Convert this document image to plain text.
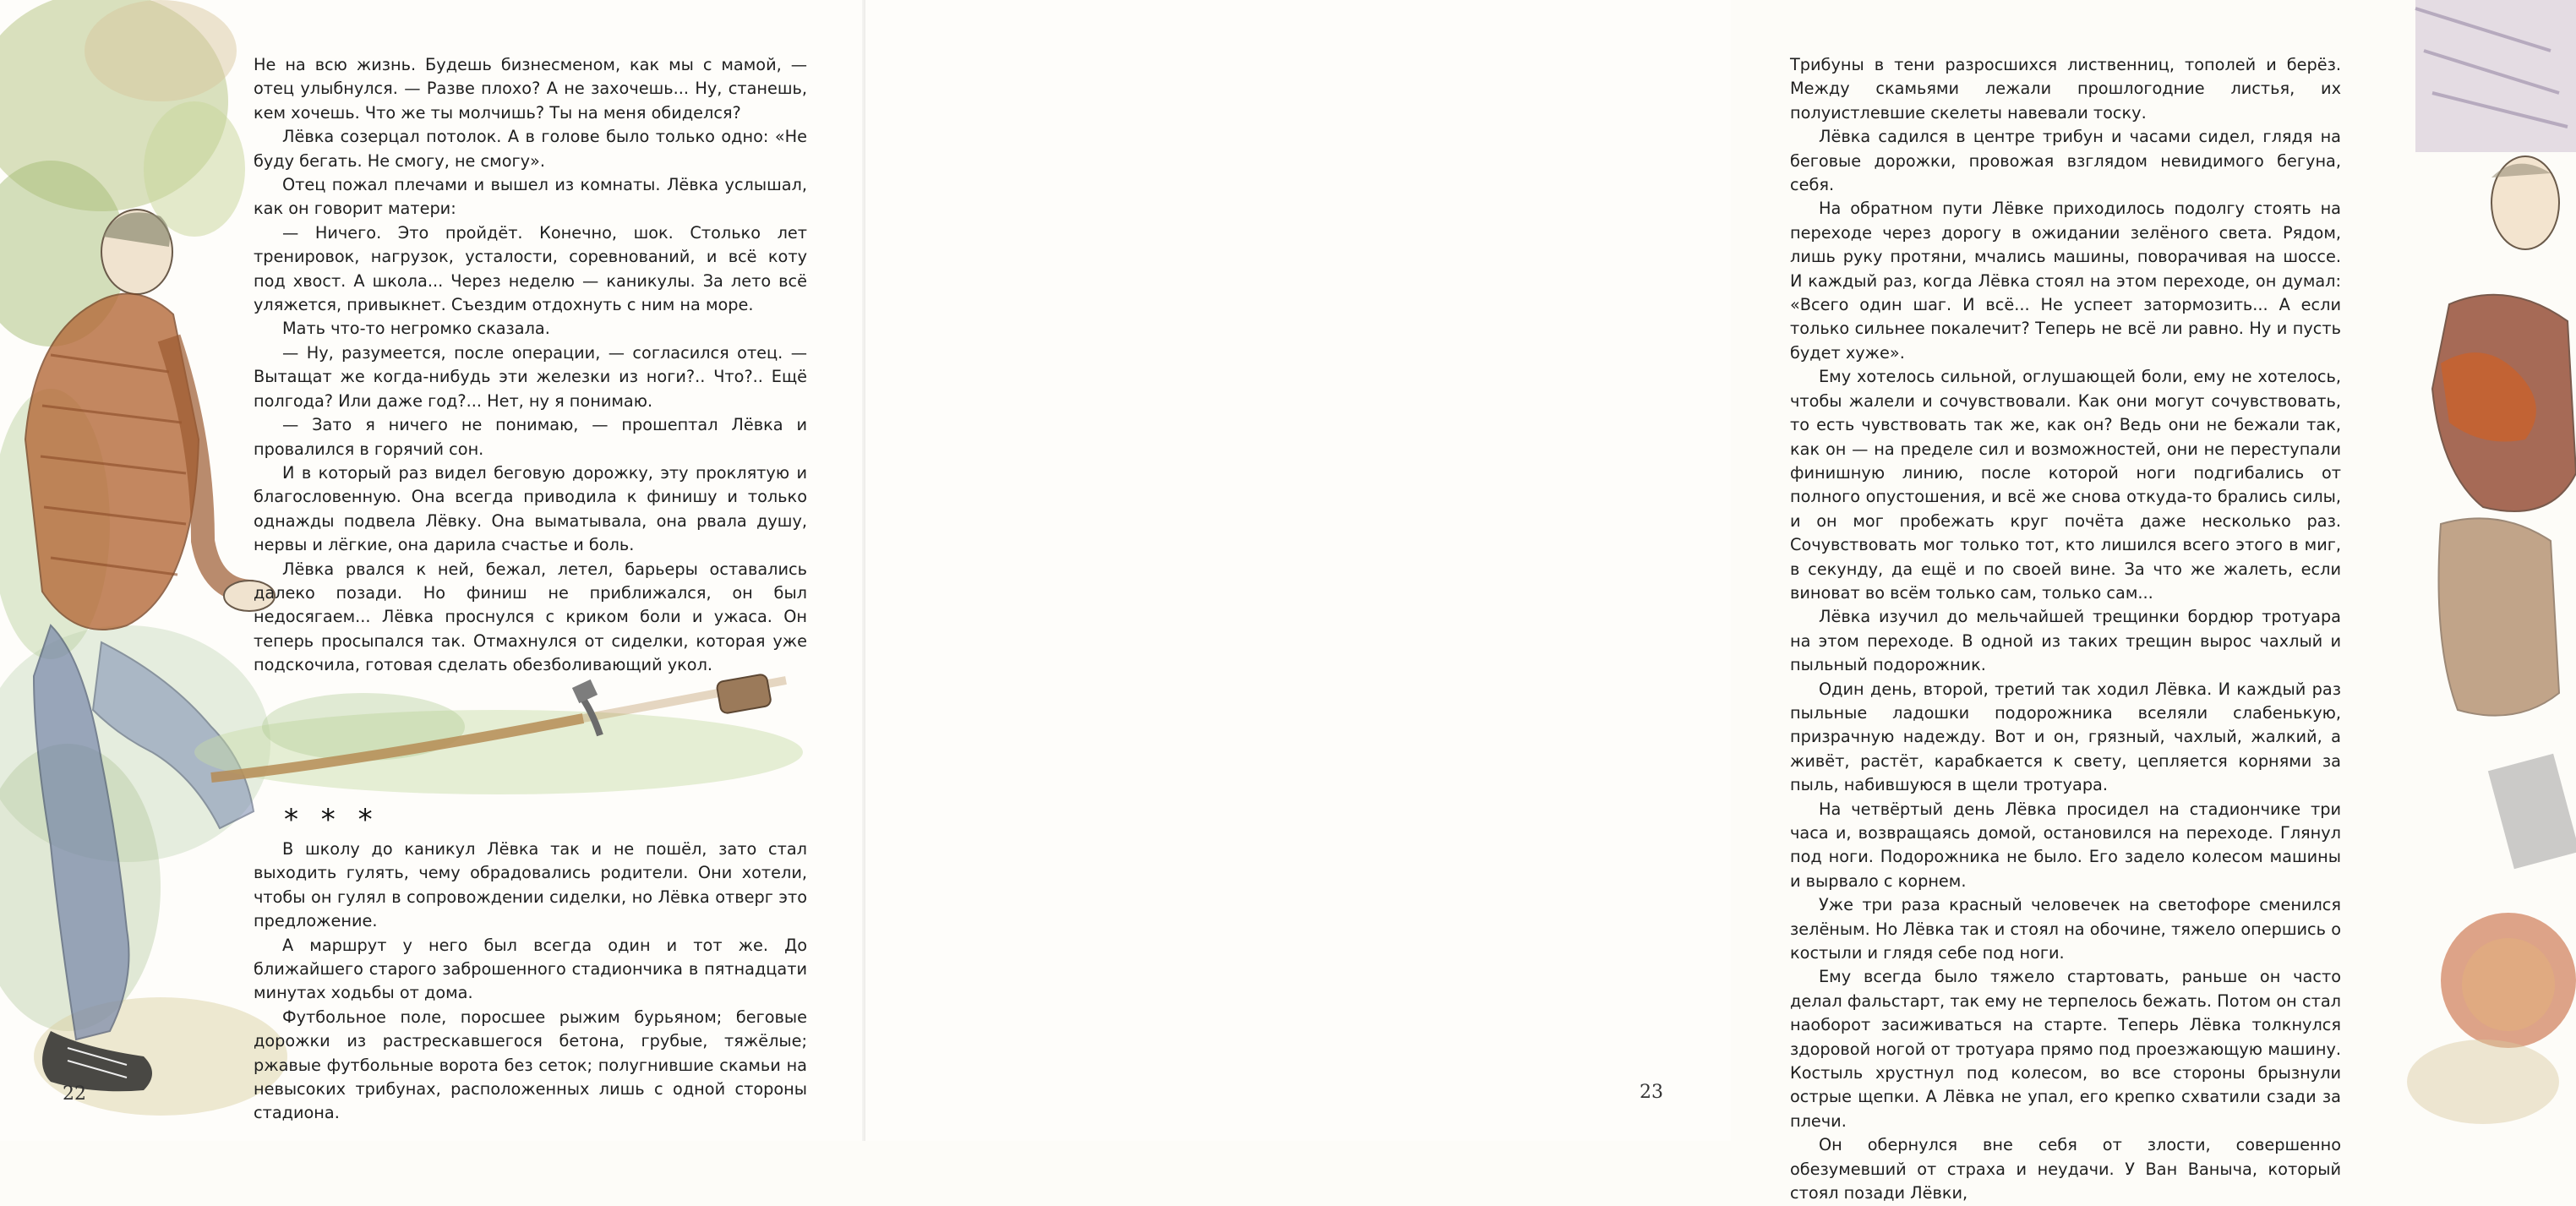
Не на всю жизнь. Будешь бизнесменом, как мы с мамой, — отец улыбнулся. — Разве плохо? А не захочешь... Ну, станешь, кем хочешь. Что же ты молчишь? Ты на меня обиделся?

Лёвка созерцал потолок. А в голове было только одно: «Не буду бегать. Не смогу, не смогу».

Отец пожал плечами и вышел из комнаты. Лёвка услышал, как он говорит матери:

— Ничего. Это пройдёт. Конечно, шок. Столько лет тренировок, нагрузок, усталости, соревнований, и всё коту под хвост. А школа... Через неделю — каникулы. За лето всё уляжется, привыкнет. Съездим отдохнуть с ним на море.

Мать что-то негромко сказала.

— Ну, разумеется, после операции, — согласился отец. — Вытащат же когда-нибудь эти железки из ноги?.. Что?.. Ещё полгода? Или даже год?... Нет, ну я понимаю.

— Зато я ничего не понимаю, — прошептал Лёвка и провалился в горячий сон.

И в который раз видел беговую дорожку, эту проклятую и благословенную. Она всегда приводила к финишу и только однажды подвела Лёвку. Она выматывала, она рвала душу, нервы и лёгкие, она дарила счастье и боль.

Лёвка рвался к ней, бежал, летел, барьеры оставались далеко позади. Но финиш не приближался, он был недосягаем... Лёвка проснулся с криком боли и ужаса. Он теперь просыпался так. Отмахнулся от сиделки, которая уже подскочила, готовая сделать обезболивающий укол.

* * *

В школу до каникул Лёвка так и не пошёл, зато стал выходить гулять, чему обрадовались родители. Они хотели, чтобы он гулял в сопровождении сиделки, но Лёвка отверг это предложение.

А маршрут у него был всегда один и тот же. До ближайшего старого заброшенного стадиончика в пятнадцати минутах ходьбы от дома.

Футбольное поле, поросшее рыжим бурьяном; беговые дорожки из растрескавшегося бетона, грубые, тяжёлые; ржавые футбольные ворота без сеток; полугнившие скамьи на невысоких трибунах, расположенных лишь с одной стороны стадиона.

22

Трибуны в тени разросшихся лиственниц, тополей и берёз. Между скамьями лежали прошлогодние листья, их полуистлевшие скелеты навевали тоску.

Лёвка садился в центре трибун и часами сидел, глядя на беговые дорожки, провожая взглядом невидимого бегуна, себя.

На обратном пути Лёвке приходилось подолгу стоять на переходе через дорогу в ожидании зелёного света. Рядом, лишь руку протяни, мчались машины, поворачивая на шоссе. И каждый раз, когда Лёвка стоял на этом переходе, он думал: «Всего один шаг. И всё... Не успеет затормозить... А если только сильнее покалечит? Теперь не всё ли равно. Ну и пусть будет хуже».

Ему хотелось сильной, оглушающей боли, ему не хотелось, чтобы жалели и сочувствовали. Как они могут сочувствовать, то есть чувствовать так же, как он? Ведь они не бежали так, как он — на пределе сил и возможностей, они не переступали финишную линию, после которой ноги подгибались от полного опустошения, и всё же снова откуда-то брались силы, и он мог пробежать круг почёта даже несколько раз. Сочувствовать мог только тот, кто лишился всего этого в миг, в секунду, да ещё и по своей вине. За что же жалеть, если виноват во всём только сам, только сам...

Лёвка изучил до мельчайшей трещинки бордюр тротуара на этом переходе. В одной из таких трещин вырос чахлый и пыльный подорожник.

Один день, второй, третий так ходил Лёвка. И каждый раз пыльные ладошки подорожника вселяли слабенькую, призрачную надежду. Вот и он, грязный, чахлый, жалкий, а живёт, растёт, карабкается к свету, цепляется корнями за пыль, набившуюся в щели тротуара.

На четвёртый день Лёвка просидел на стадиончике три часа и, возвращаясь домой, остановился на переходе. Глянул под ноги. Подорожника не было. Его задело колесом машины и вырвало с корнем.

Уже три раза красный человечек на светофоре сменился зелёным. Но Лёвка так и стоял на обочине, тяжело опершись о костыли и глядя себе под ноги.

Ему всегда было тяжело стартовать, раньше он часто делал фальстарт, так ему не терпелось бежать. Потом он стал наоборот засиживаться на старте. Теперь Лёвка толкнулся здоровой ногой от тротуара прямо под проезжающую машину. Костыль хрустнул под колесом, во все стороны брызнули острые щепки. А Лёвка не упал, его крепко схватили сзади за плечи.

Он обернулся вне себя от злости, совершенно обезумевший от страха и неудачи. У Ван Ваныча, который стоял позади Лёвки,

23
